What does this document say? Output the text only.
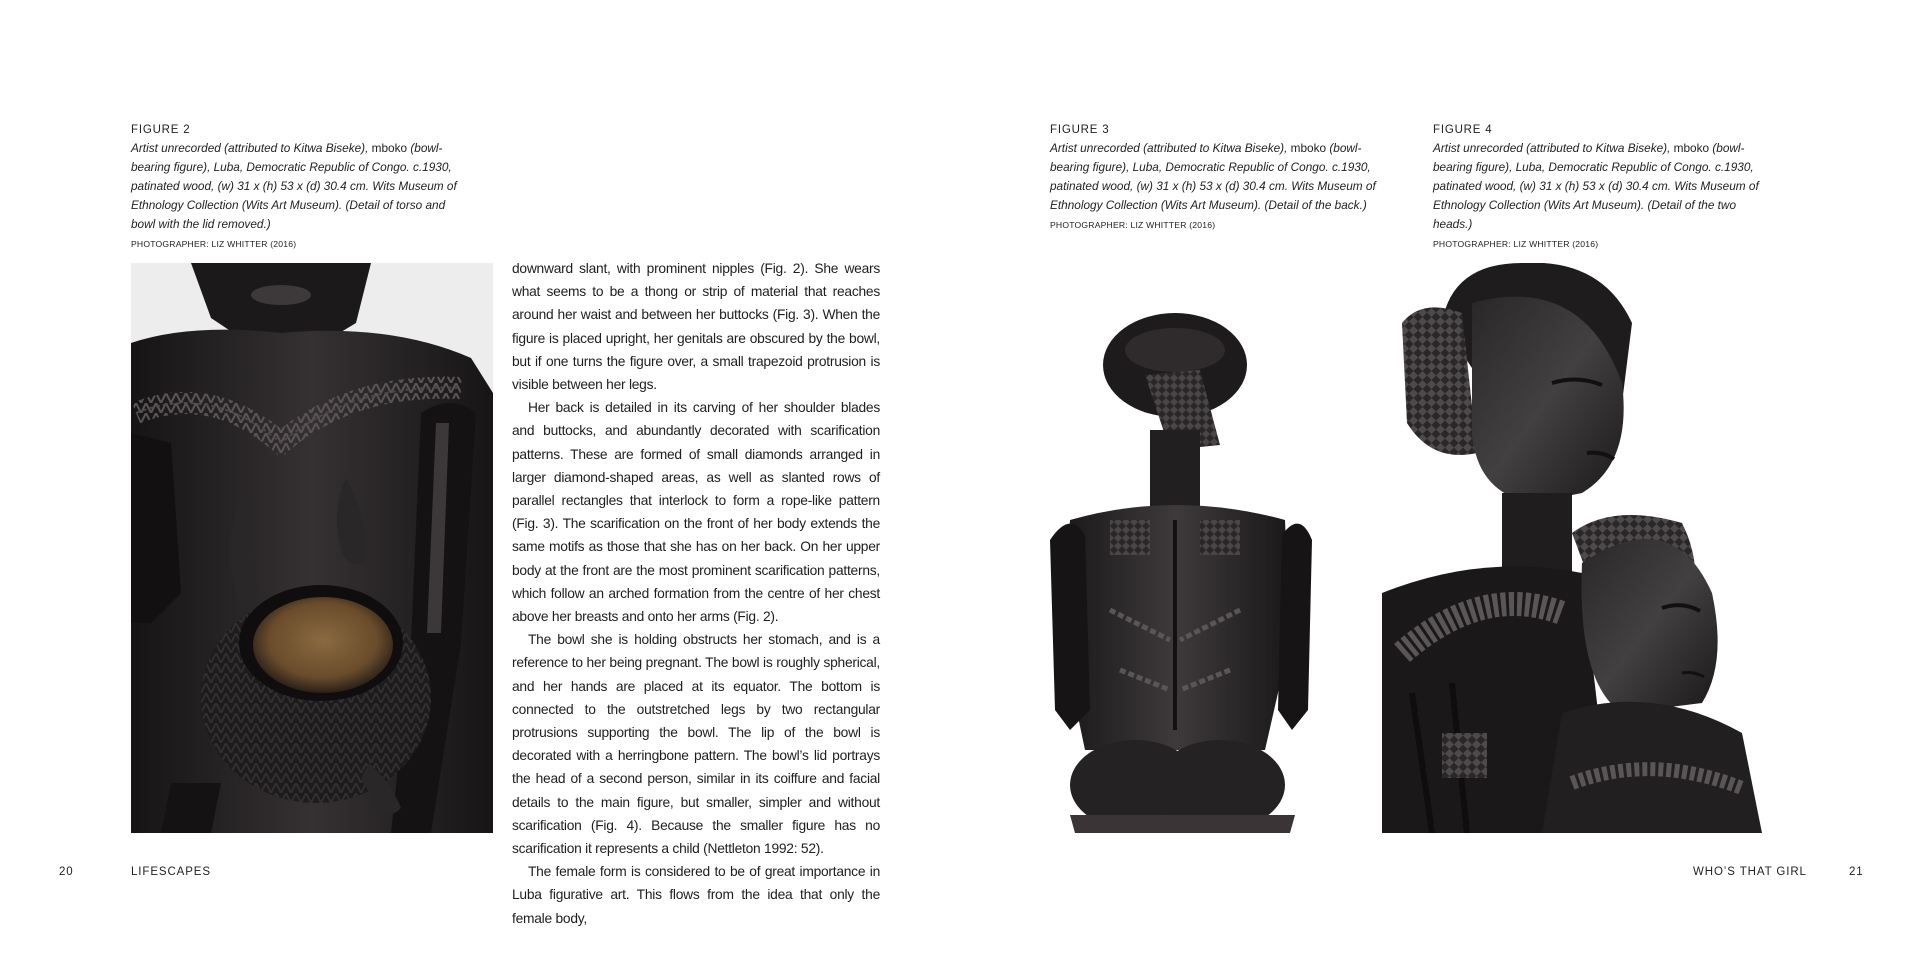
FIGURE 2
Artist unrecorded (attributed to Kitwa Biseke), mboko (bowl-bearing figure), Luba, Democratic Republic of Congo. c.1930, patinated wood, (w) 31 x (h) 53 x (d) 30.4 cm. Wits Museum of Ethnology Collection (Wits Art Museum). (Detail of torso and bowl with the lid removed.)
PHOTOGRAPHER: LIZ WHITTER (2016)

downward slant, with prominent nipples (Fig. 2). She wears what seems to be a thong or strip of material that reaches around her waist and between her buttocks (Fig. 3). When the figure is placed upright, her genitals are obscured by the bowl, but if one turns the figure over, a small trapezoid protrusion is visible between her legs.

Her back is detailed in its carving of her shoulder blades and buttocks, and abundantly decorated with scarification patterns. These are formed of small diamonds arranged in larger diamond-shaped areas, as well as slanted rows of parallel rectangles that interlock to form a rope-like pattern (Fig. 3). The scarification on the front of her body extends the same motifs as those that she has on her back. On her upper body at the front are the most prominent scarification patterns, which follow an arched formation from the centre of her chest above her breasts and onto her arms (Fig. 2).

The bowl she is holding obstructs her stomach, and is a reference to her being pregnant. The bowl is roughly spherical, and her hands are placed at its equator. The bottom is connected to the outstretched legs by two rectangular protrusions supporting the bowl. The lip of the bowl is decorated with a herringbone pattern. The bowl’s lid portrays the head of a second person, similar in its coiffure and facial details to the main figure, but smaller, simpler and without scarification (Fig. 4). Because the smaller figure has no scarification it represents a child (Nettleton 1992: 52).

The female form is considered to be of great importance in Luba figurative art. This flows from the idea that only the female body,

20	LIFESCAPES
FIGURE 3
Artist unrecorded (attributed to Kitwa Biseke), mboko (bowl-bearing figure), Luba, Democratic Republic of Congo. c.1930, patinated wood, (w) 31 x (h) 53 x (d) 30.4 cm. Wits Museum of Ethnology Collection (Wits Art Museum). (Detail of the back.)
PHOTOGRAPHER: LIZ WHITTER (2016)
FIGURE 4
Artist unrecorded (attributed to Kitwa Biseke), mboko (bowl-bearing figure), Luba, Democratic Republic of Congo. c.1930, patinated wood, (w) 31 x (h) 53 x (d) 30.4 cm. Wits Museum of Ethnology Collection (Wits Art Museum). (Detail of the two heads.)
PHOTOGRAPHER: LIZ WHITTER (2016)
WHO’S THAT GIRL	21
